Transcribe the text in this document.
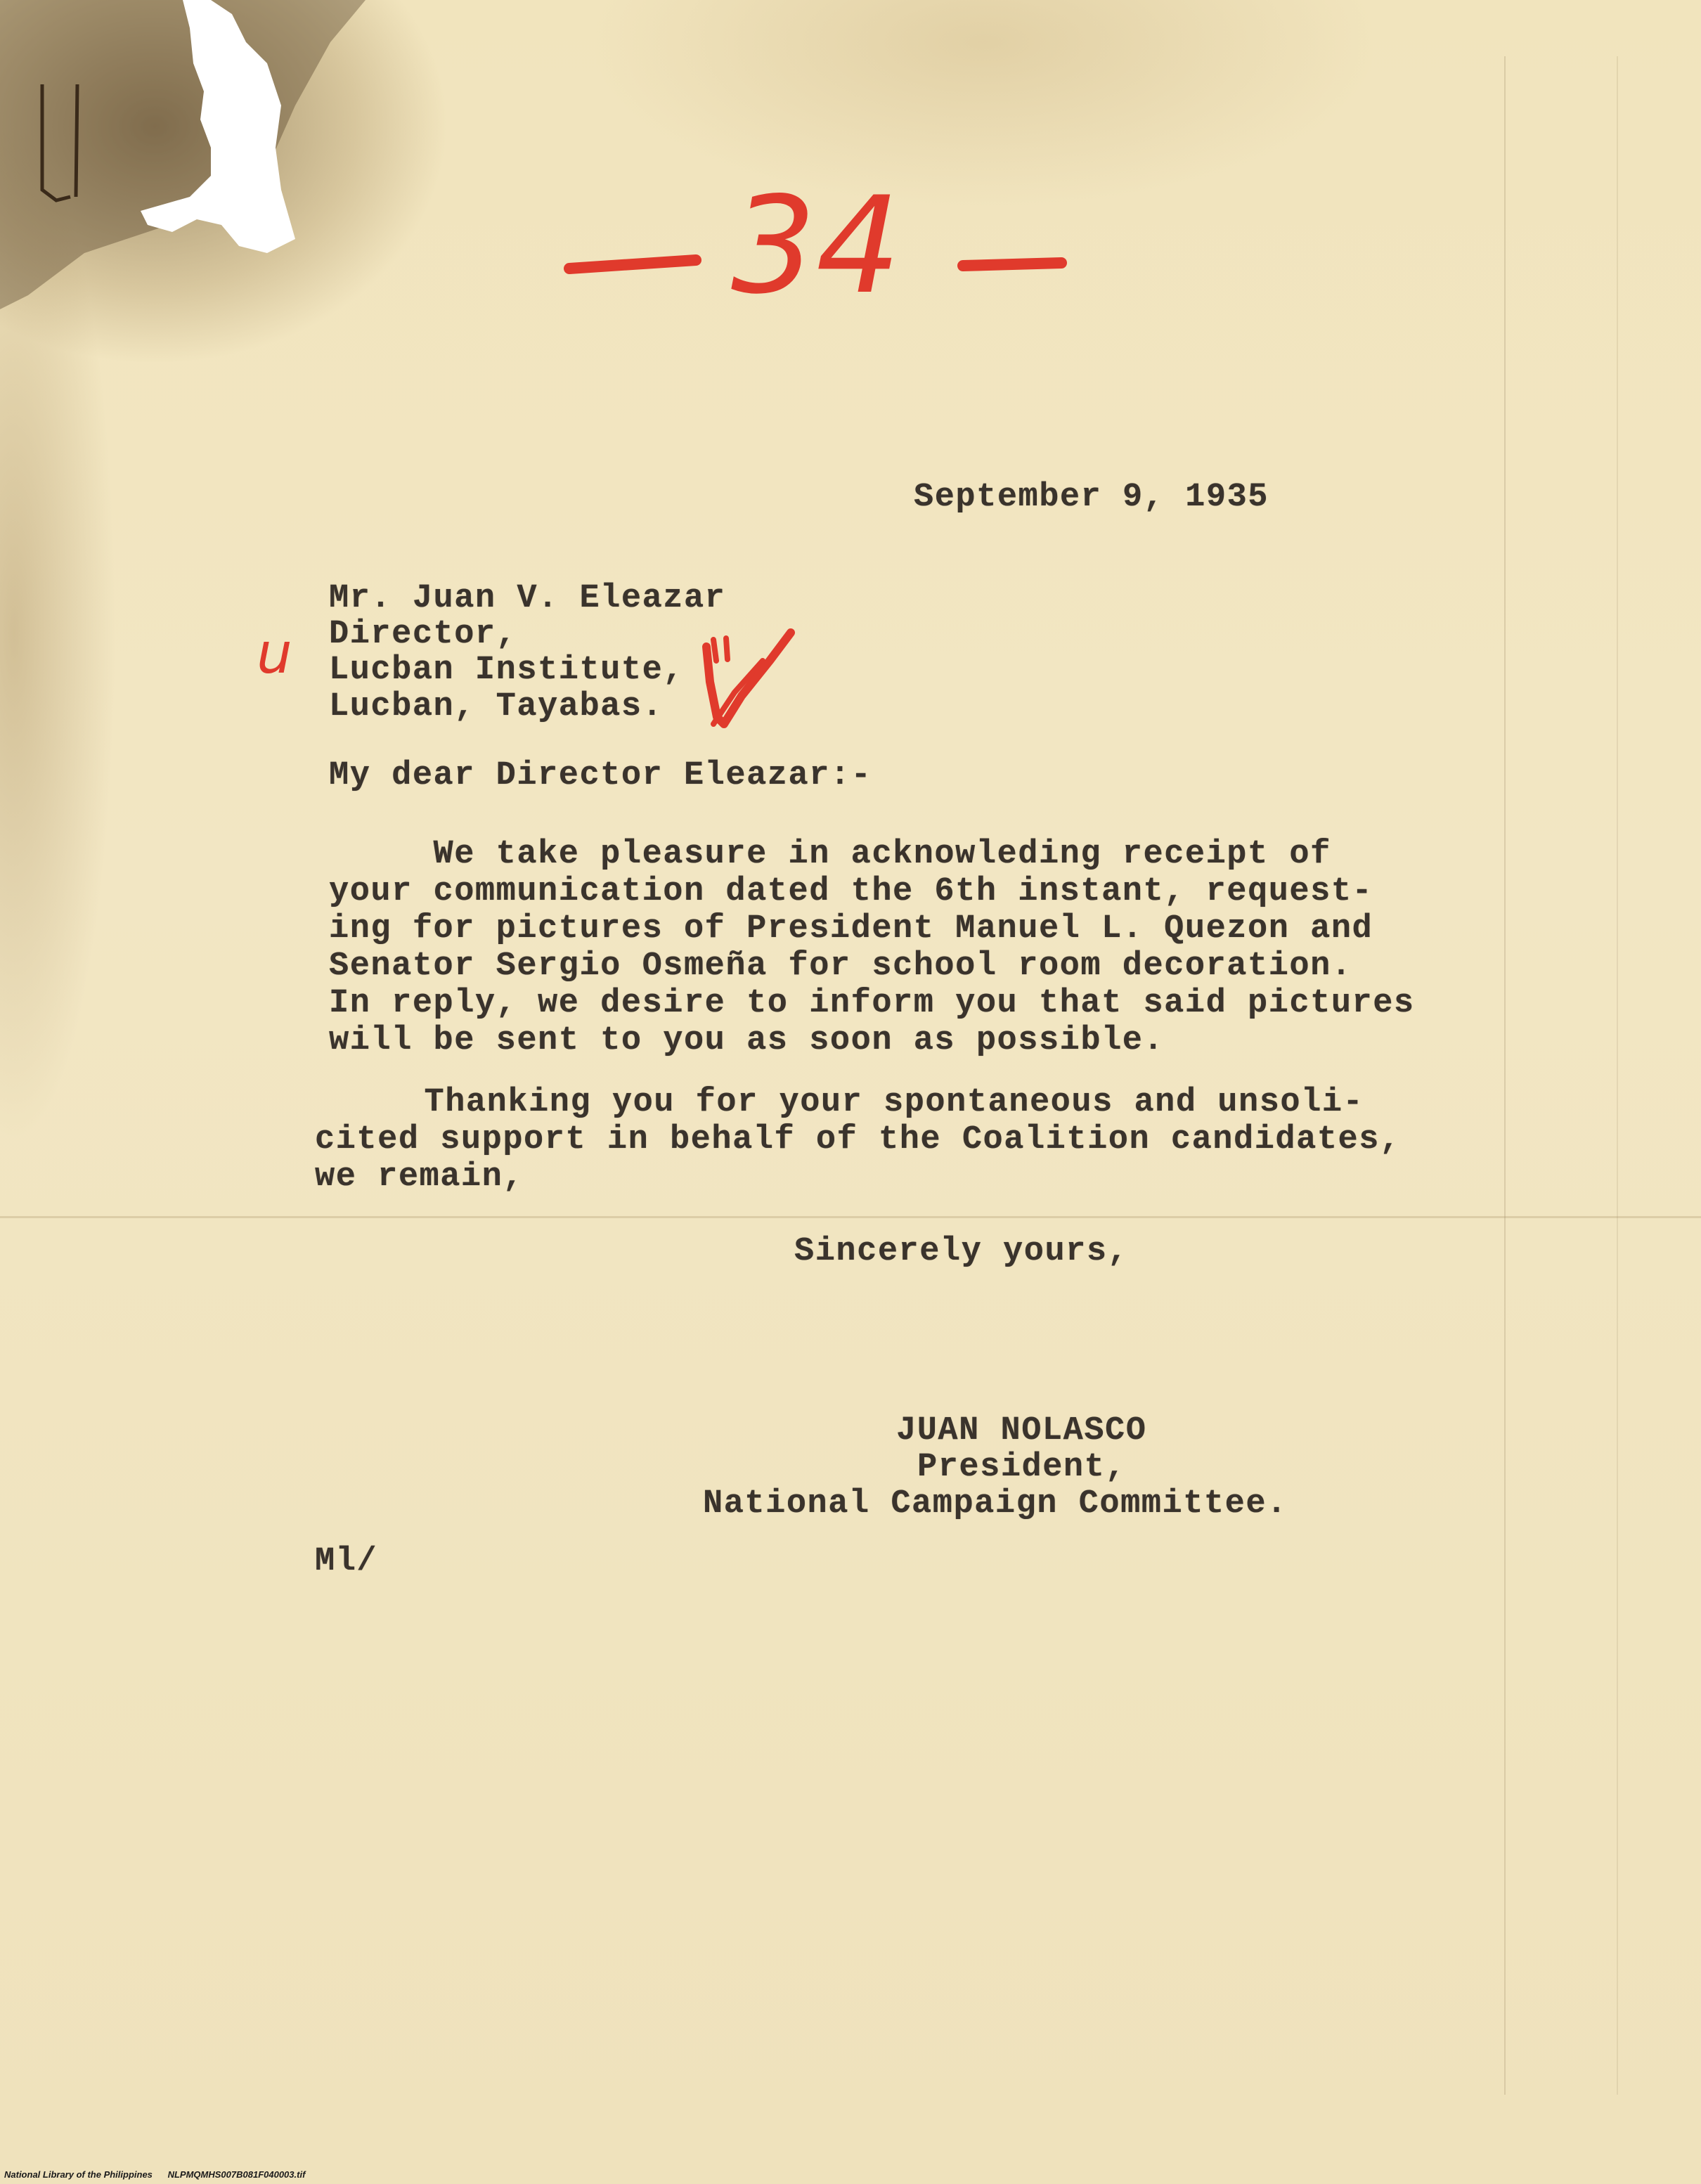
34
u
September 9, 1935
Mr. Juan V. Eleazar
Director,
Lucban Institute,
Lucban, Tayabas.
My dear Director Eleazar:-
We take pleasure in acknowleding receipt of
your communication dated the 6th instant, request-
ing for pictures of President Manuel L. Quezon and
Senator Sergio Osmeña for school room decoration.
In reply, we desire to inform you that said pictures
will be sent to you as soon as possible.
Thanking you for your spontaneous and unsoli-
cited support in behalf of the Coalition candidates,
we remain,
Sincerely yours,
JUAN NOLASCO
President,
National Campaign Committee.
Ml/
National Library of the Philippines NLPMQMHS007B081F040003.tif
